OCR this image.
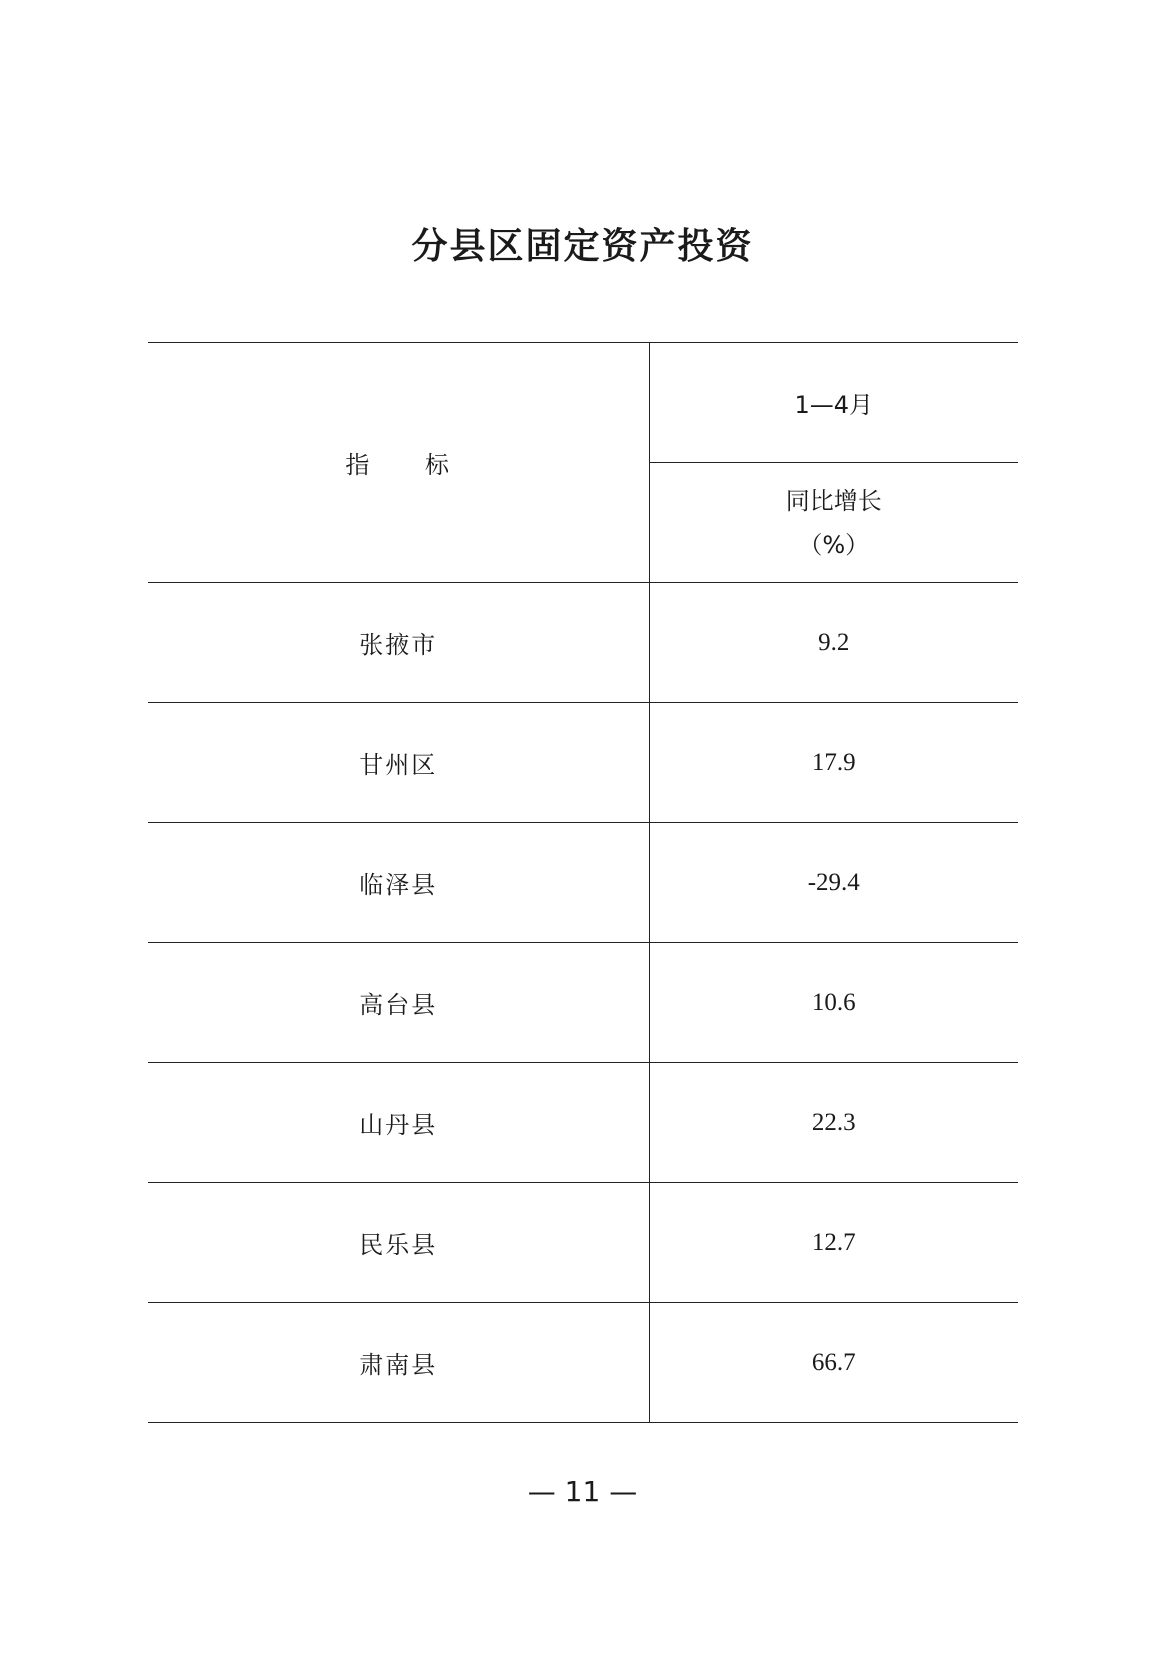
分县区固定资产投资
指 标	1—4月

	同比增长
（%）

张掖市	9.2
甘州区	17.9
临泽县	-29.4
高台县	10.6
山丹县	22.3
民乐县	12.7
肃南县	66.7
— 11 —
